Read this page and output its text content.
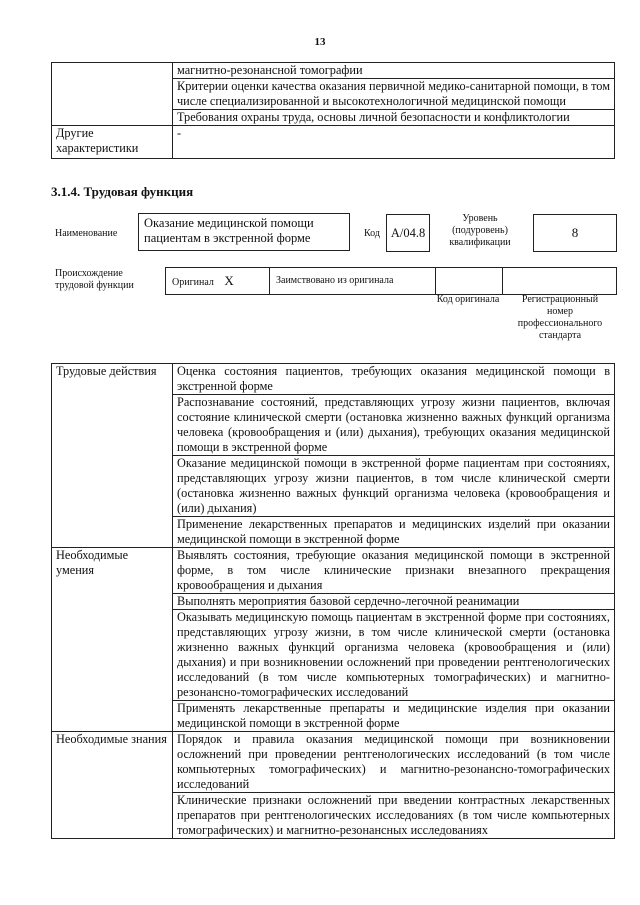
13
	магнитно-резонансной томографии
	Критерии оценки качества оказания первичной медико-санитарной помощи, в том числе специализированной и высокотехнологичной медицинской помощи
	Требования охраны труда, основы личной безопасности и конфликтологии
Другие характеристики	-
3.1.4. Трудовая функция
Наименование
Оказание медицинской помощи пациентам в экстренной форме	Код A/04.8
Уровень (подуровень) квалификации
8
Происхождение трудовой функции	Оригинал X	Заимствовано из оригинала
Код оригинала	Регистрационный номер профессионального стандарта
Трудовые действия	Оценка состояния пациентов, требующих оказания медицинской помощи в экстренной форме
	Распознавание состояний, представляющих угрозу жизни пациентов, включая состояние клинической смерти (остановка жизненно важных функций организма человека (кровообращения и (или) дыхания), требующих оказания медицинской помощи в экстренной форме
	Оказание медицинской помощи в экстренной форме пациентам при состояниях, представляющих угрозу жизни пациентов, в том числе клинической смерти (остановка жизненно важных функций организма человека (кровообращения и (или) дыхания)
	Применение лекарственных препаратов и медицинских изделий при оказании медицинской помощи в экстренной форме
Необходимые умения	Выявлять состояния, требующие оказания медицинской помощи в экстренной форме, в том числе клинические признаки внезапного прекращения кровообращения и дыхания
	Выполнять мероприятия базовой сердечно-легочной реанимации
	Оказывать медицинскую помощь пациентам в экстренной форме при состояниях, представляющих угрозу жизни, в том числе клинической смерти (остановка жизненно важных функций организма человека (кровообращения и (или) дыхания) и при возникновении осложнений при проведении рентгенологических исследований (в том числе компьютерных томографических) и магнитно-резонансно-томографических исследований
	Применять лекарственные препараты и медицинские изделия при оказании медицинской помощи в экстренной форме
Необходимые знания	Порядок и правила оказания медицинской помощи при возникновении осложнений при проведении рентгенологических исследований (в том числе компьютерных томографических) и магнитно-резонансно-томографических исследований
	Клинические признаки осложнений при введении контрастных лекарственных препаратов при рентгенологических исследованиях (в том числе компьютерных томографических) и магнитно-резонансных исследованиях
